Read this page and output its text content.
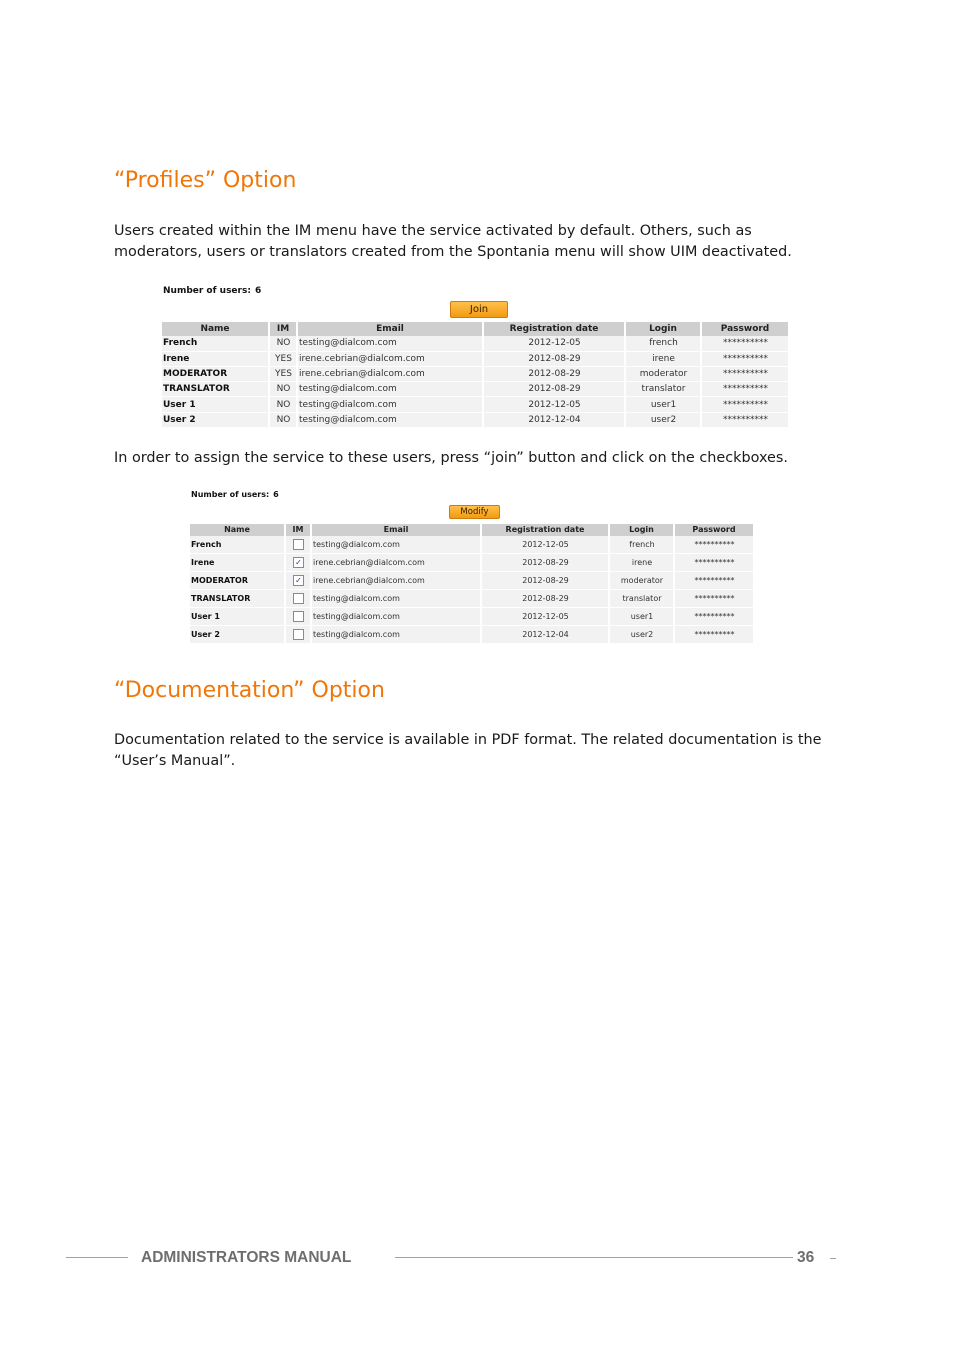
“Profiles” Option

Users created within the IM menu have the service activated by default. Others, such as moderators, users or translators created from the Spontania menu will show UIM deactivated.

Number of users: 6
Join
Name	IM	Email	Registration date	Login	Password
French	NO	testing@dialcom.com	2012-12-05	french	**********
Irene	YES	irene.cebrian@dialcom.com	2012-08-29	irene	**********
MODERATOR	YES	irene.cebrian@dialcom.com	2012-08-29	moderator	**********
TRANSLATOR	NO	testing@dialcom.com	2012-08-29	translator	**********
User 1	NO	testing@dialcom.com	2012-12-05	user1	**********
User 2	NO	testing@dialcom.com	2012-12-04	user2	**********

In order to assign the service to these users, press “join” button and click on the checkboxes.

Number of users: 6
Modify
Name	IM	Email	Registration date	Login	Password
French		testing@dialcom.com	2012-12-05	french	**********
Irene	✓	irene.cebrian@dialcom.com	2012-08-29	irene	**********
MODERATOR	✓	irene.cebrian@dialcom.com	2012-08-29	moderator	**********
TRANSLATOR		testing@dialcom.com	2012-08-29	translator	**********
User 1		testing@dialcom.com	2012-12-05	user1	**********
User 2		testing@dialcom.com	2012-12-04	user2	**********
“Documentation” Option

Documentation related to the service is available in PDF format. The related documentation is the “User’s Manual”.

ADMINISTRATORS MANUAL	36
